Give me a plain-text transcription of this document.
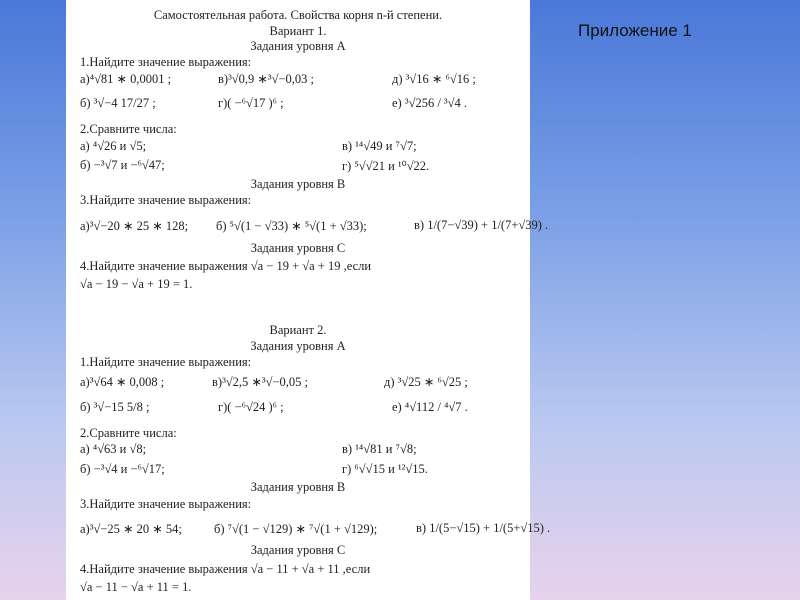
Самостоятельная работа. Свойства корня n-й степени.
Вариант 1.
Задания уровня А
1.Найдите значение выражения:
а)⁴√81 ∗ 0,0001 ;	в)³√0,9 ∗³√−0,03 ;	д) ³√16 ∗ ⁶√16 ;
б) ³√−4 17/27 ;	г)( −⁶√17 )⁶ ;	е) ³√256 / ³√4 .
2.Сравните числа:
а) ⁴√26 и √5;	в) ¹⁴√49 и ⁷√7;
б) −³√7 и −⁶√47;	г) ⁵√√21 и ¹⁰√22.
Задания уровня В
3.Найдите значение выражения:
а)³√−20 ∗ 25 ∗ 128; б) ⁵√(1 − √33) ∗ ⁵√(1 + √33);	в) 1/(7−√39) + 1/(7+√39) .
Задания уровня С
4.Найдите значение выражения √a − 19 + √a + 19 ,если
√a − 19 − √a + 19 = 1.
Вариант 2.
Задания уровня А
1.Найдите значение выражения:
а)³√64 ∗ 0,008 ;	в)³√2,5 ∗³√−0,05 ;	д) ³√25 ∗ ⁶√25 ;
б) ³√−15 5/8 ;	г)( −⁶√24 )⁶ ;	е) ⁴√112 / ⁴√7 .
2.Сравните числа:
а) ⁴√63 и √8;	в) ¹⁴√81 и ⁷√8;
б) −³√4 и −⁶√17;	г) ⁶√√15 и ¹²√15.
Задания уровня В
3.Найдите значение выражения:
а)³√−25 ∗ 20 ∗ 54;	б) ⁷√(1 − √129) ∗ ⁷√(1 + √129);	в) 1/(5−√15) + 1/(5+√15) .
Задания уровня С
4.Найдите значение выражения √a − 11 + √a + 11 ,если
√a − 11 − √a + 11 = 1.
Приложение 1
